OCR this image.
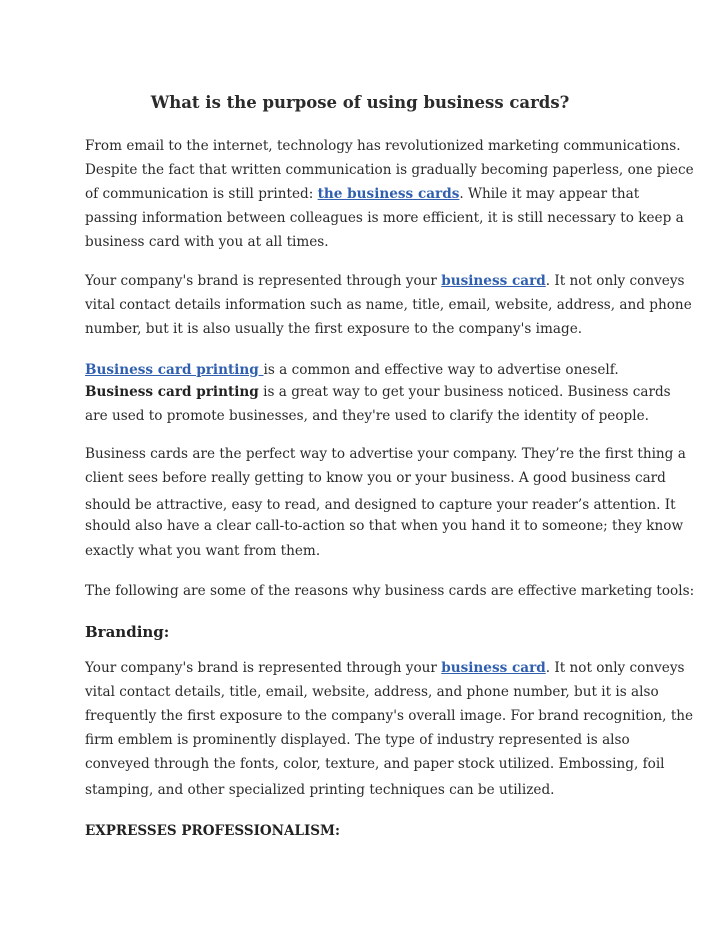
What is the purpose of using business cards?
From email to the internet, technology has revolutionized marketing communications.
Despite the fact that written communication is gradually becoming paperless, one piece
of communication is still printed: the business cards. While it may appear that
passing information between colleagues is more efficient, it is still necessary to keep a
business card with you at all times.
Your company's brand is represented through your business card. It not only conveys
vital contact details information such as name, title, email, website, address, and phone
number, but it is also usually the first exposure to the company's image.
Business card printing is a common and effective way to advertise oneself.
Business card printing is a great way to get your business noticed. Business cards
are used to promote businesses, and they're used to clarify the identity of people.
Business cards are the perfect way to advertise your company. They’re the first thing a
client sees before really getting to know you or your business. A good business card
should be attractive, easy to read, and designed to capture your reader’s attention. It
should also have a clear call-to-action so that when you hand it to someone; they know
exactly what you want from them.
The following are some of the reasons why business cards are effective marketing tools:
Branding:
Your company's brand is represented through your business card. It not only conveys
vital contact details, title, email, website, address, and phone number, but it is also
frequently the first exposure to the company's overall image. For brand recognition, the
firm emblem is prominently displayed. The type of industry represented is also
conveyed through the fonts, color, texture, and paper stock utilized. Embossing, foil
stamping, and other specialized printing techniques can be utilized.
EXPRESSES PROFESSIONALISM:
